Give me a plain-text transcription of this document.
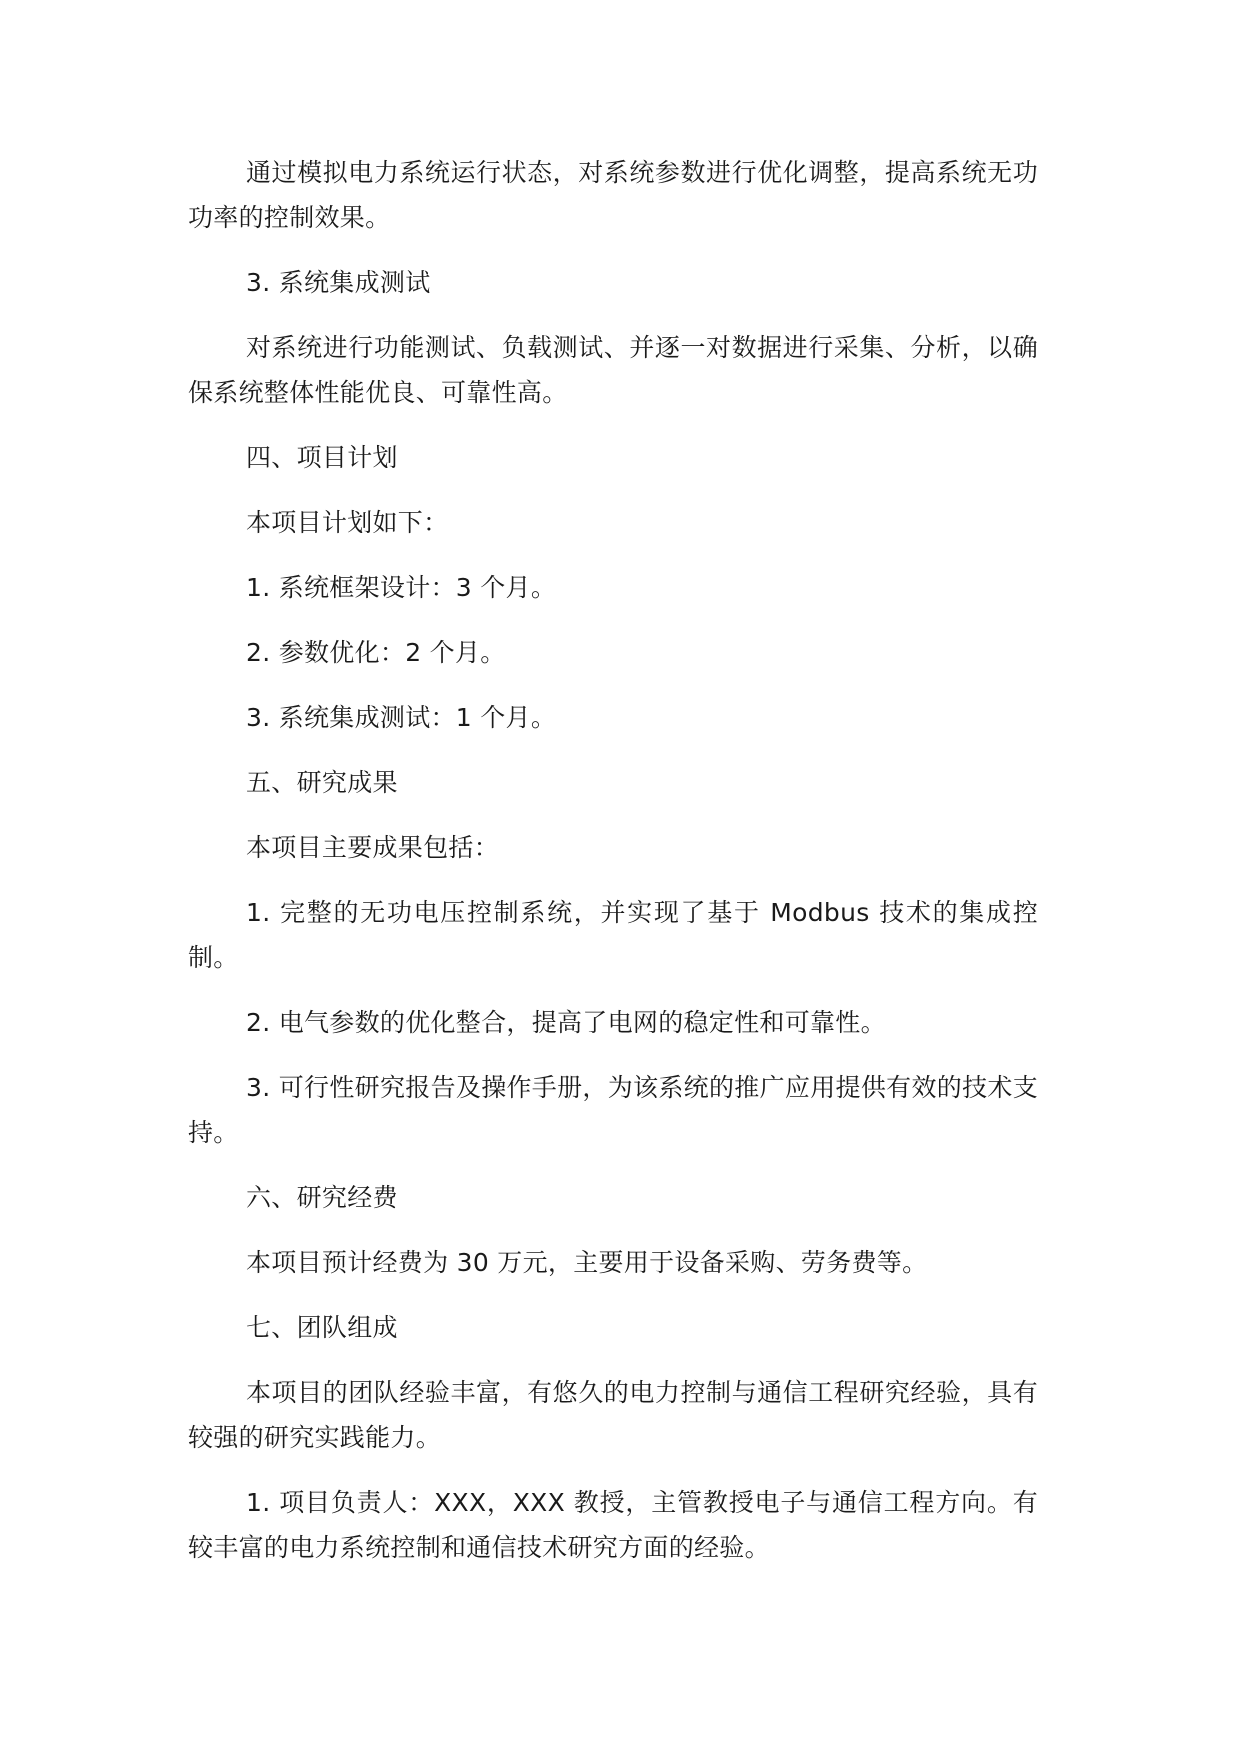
通过模拟电力系统运行状态，对系统参数进行优化调整，提高系统无功功率的控制效果。

3. 系统集成测试

对系统进行功能测试、负载测试、并逐一对数据进行采集、分析，以确保系统整体性能优良、可靠性高。

四、项目计划

本项目计划如下：

1. 系统框架设计：3 个月。

2. 参数优化：2 个月。

3. 系统集成测试：1 个月。

五、研究成果

本项目主要成果包括：

1. 完整的无功电压控制系统，并实现了基于 Modbus 技术的集成控制。

2. 电气参数的优化整合，提高了电网的稳定性和可靠性。

3. 可行性研究报告及操作手册，为该系统的推广应用提供有效的技术支持。

六、研究经费

本项目预计经费为 30 万元，主要用于设备采购、劳务费等。

七、团队组成

本项目的团队经验丰富，有悠久的电力控制与通信工程研究经验，具有较强的研究实践能力。

1. 项目负责人：XXX，XXX 教授，主管教授电子与通信工程方向。有较丰富的电力系统控制和通信技术研究方面的经验。
